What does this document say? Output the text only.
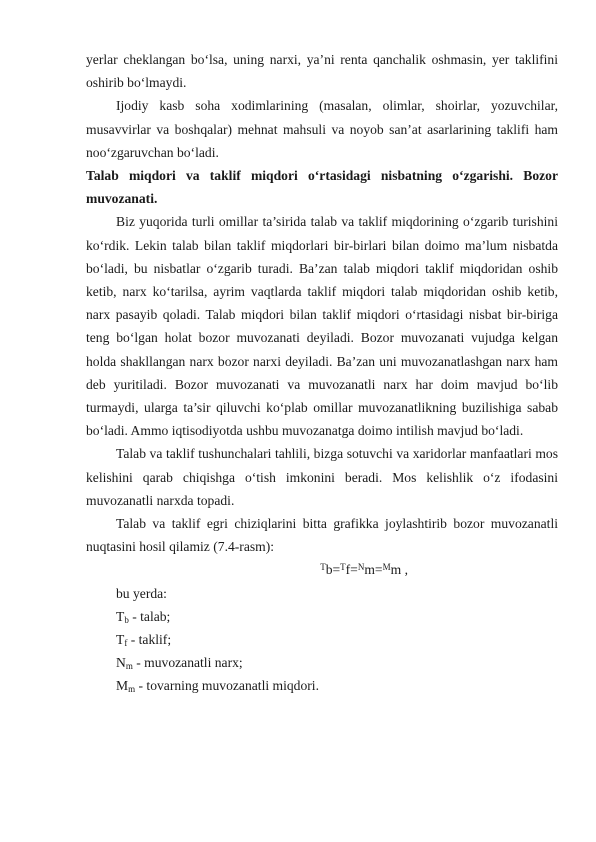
yerlar cheklangan bo‘lsa, uning narxi, ya’ni renta qanchalik oshmasin, yer taklifini oshirib bo‘lmaydi.

Ijodiy kasb soha xodimlarining (masalan, olimlar, shoirlar, yozuvchilar, musavvirlar va boshqalar) mehnat mahsuli va noyob san’at asarlarining taklifi ham noo‘zgaruvchan bo‘ladi.

Talab miqdori va taklif miqdori o‘rtasidagi nisbatning o‘zgarishi. Bozor muvozanati.

Biz yuqorida turli omillar ta’sirida talab va taklif miqdorining o‘zgarib turishini ko‘rdik. Lekin talab bilan taklif miqdorlari bir-birlari bilan doimo ma’lum nisbatda bo‘ladi, bu nisbatlar o‘zgarib turadi. Ba’zan talab miqdori taklif miqdoridan oshib ketib, narx ko‘tarilsa, ayrim vaqtlarda taklif miqdori talab miqdoridan oshib ketib, narx pasayib qoladi. Talab miqdori bilan taklif miqdori o‘rtasidagi nisbat bir-biriga teng bo‘lgan holat bozor muvozanati deyiladi. Bozor muvozanati vujudga kelgan holda shakllangan narx bozor narxi deyiladi. Ba’zan uni muvozanatlashgan narx ham deb yuritiladi. Bozor muvozanati va muvozanatli narx har doim mavjud bo‘lib turmaydi, ularga ta’sir qiluvchi ko‘plab omillar muvozanatlikning buzilishiga sabab bo‘ladi. Ammo iqtisodiyotda ushbu muvozanatga doimo intilish mavjud bo‘ladi.

Talab va taklif tushunchalari tahlili, bizga sotuvchi va xaridorlar manfaatlari mos kelishini qarab chiqishga o‘tish imkonini beradi. Mos kelishlik o‘z ifodasini muvozanatli narxda topadi.

Talab va taklif egri chiziqlarini bitta grafikka joylashtirib bozor muvozanatli nuqtasini hosil qilamiz (7.4-rasm):

$^T$b=$^T$f=$^N$m=$^M$m ,

bu yerda:

$T_b$ - talab;

$T_f$ - taklif;

$N_m$ - muvozanatli narx;

$M_m$ - tovarning muvozanatli miqdori.
